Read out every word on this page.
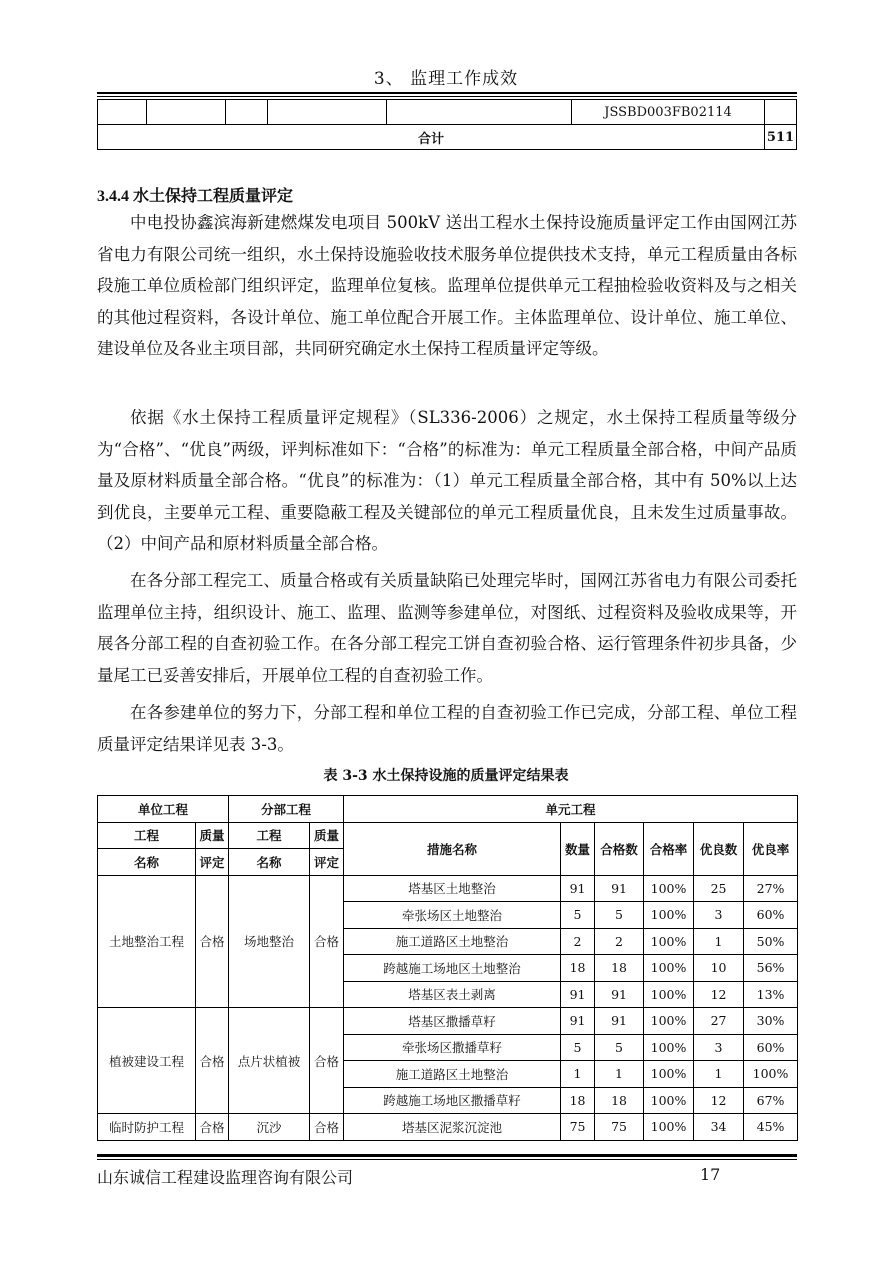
3、 监理工作成效
					JSSBD003FB02114	
合计						511
3.4.4 水土保持工程质量评定

中电投协鑫滨海新建燃煤发电项目 500kV 送出工程水土保持设施质量评定工作由国网江苏省电力有限公司统一组织，水土保持设施验收技术服务单位提供技术支持，单元工程质量由各标段施工单位质检部门组织评定，监理单位复核。监理单位提供单元工程抽检验收资料及与之相关的其他过程资料，各设计单位、施工单位配合开展工作。主体监理单位、设计单位、施工单位、建设单位及各业主项目部，共同研究确定水土保持工程质量评定等级。

依据《水土保持工程质量评定规程》（SL336-2006）之规定，水土保持工程质量等级分为“合格”、“优良”两级，评判标准如下：“合格”的标准为：单元工程质量全部合格，中间产品质量及原材料质量全部合格。“优良”的标准为：（1）单元工程质量全部合格，其中有 50%以上达到优良，主要单元工程、重要隐蔽工程及关键部位的单元工程质量优良，且未发生过质量事故。（2）中间产品和原材料质量全部合格。

在各分部工程完工、质量合格或有关质量缺陷已处理完毕时，国网江苏省电力有限公司委托监理单位主持，组织设计、施工、监理、监测等参建单位，对图纸、过程资料及验收成果等，开展各分部工程的自查初验工作。在各分部工程完工饼自查初验合格、运行管理条件初步具备，少量尾工已妥善安排后，开展单位工程的自查初验工作。

在各参建单位的努力下，分部工程和单位工程的自查初验工作已完成，分部工程、单位工程质量评定结果详见表 3-3。

表 3-3 水土保持设施的质量评定结果表
单位工程		分部工程		单元工程					
工程	质量	工程	质量	措施名称	数量	合格数	合格率	优良数	优良率
名称	评定	名称	评定						
土地整治工程	合格	场地整治	合格	塔基区土地整治	91	91	100%	25	27%
				牵张场区土地整治	5	5	100%	3	60%
				施工道路区土地整治	2	2	100%	1	50%
				跨越施工场地区土地整治	18	18	100%	10	56%
				塔基区表土剥离	91	91	100%	12	13%
植被建设工程	合格	点片状植被	合格	塔基区撒播草籽	91	91	100%	27	30%
				牵张场区撒播草籽	5	5	100%	3	60%
				施工道路区土地整治	1	1	100%	1	100%
				跨越施工场地区撒播草籽	18	18	100%	12	67%
临时防护工程	合格	沉沙	合格	塔基区泥浆沉淀池	75	75	100%	34	45%
山东诚信工程建设监理咨询有限公司	17
